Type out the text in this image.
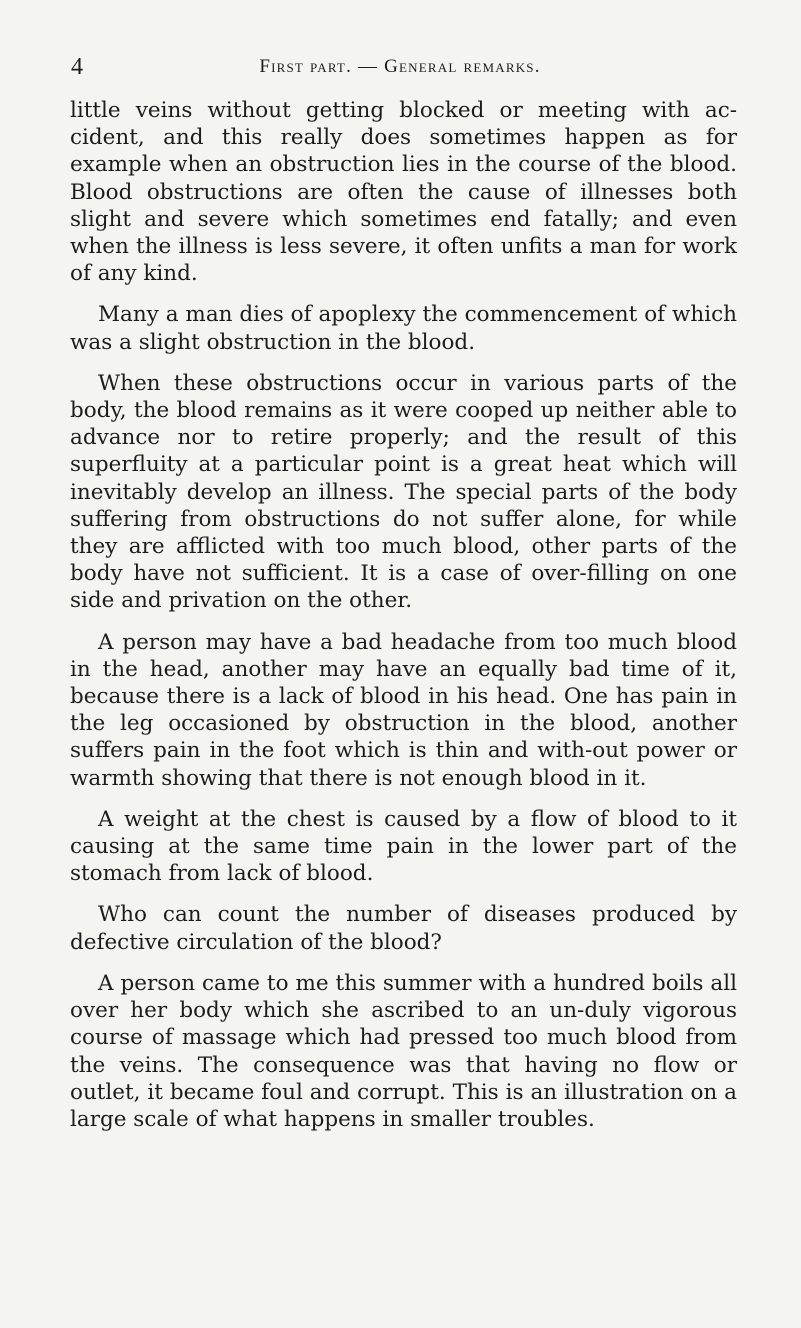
4	First part. — General remarks.

little veins without getting blocked or meeting with ac-cident, and this really does sometimes happen as for example when an obstruction lies in the course of the blood. Blood obstructions are often the cause of illnesses both slight and severe which sometimes end fatally; and even when the illness is less severe, it often unfits a man for work of any kind.

Many a man dies of apoplexy the commencement of which was a slight obstruction in the blood.

When these obstructions occur in various parts of the body, the blood remains as it were cooped up neither able to advance nor to retire properly; and the result of this superfluity at a particular point is a great heat which will inevitably develop an illness. The special parts of the body suffering from obstructions do not suffer alone, for while they are afflicted with too much blood, other parts of the body have not sufficient. It is a case of over-filling on one side and privation on the other.

A person may have a bad headache from too much blood in the head, another may have an equally bad time of it, because there is a lack of blood in his head. One has pain in the leg occasioned by obstruction in the blood, another suffers pain in the foot which is thin and with-out power or warmth showing that there is not enough blood in it.

A weight at the chest is caused by a flow of blood to it causing at the same time pain in the lower part of the stomach from lack of blood.

Who can count the number of diseases produced by defective circulation of the blood?

A person came to me this summer with a hundred boils all over her body which she ascribed to an un-duly vigorous course of massage which had pressed too much blood from the veins. The consequence was that having no flow or outlet, it became foul and corrupt. This is an illustration on a large scale of what happens in smaller troubles.
